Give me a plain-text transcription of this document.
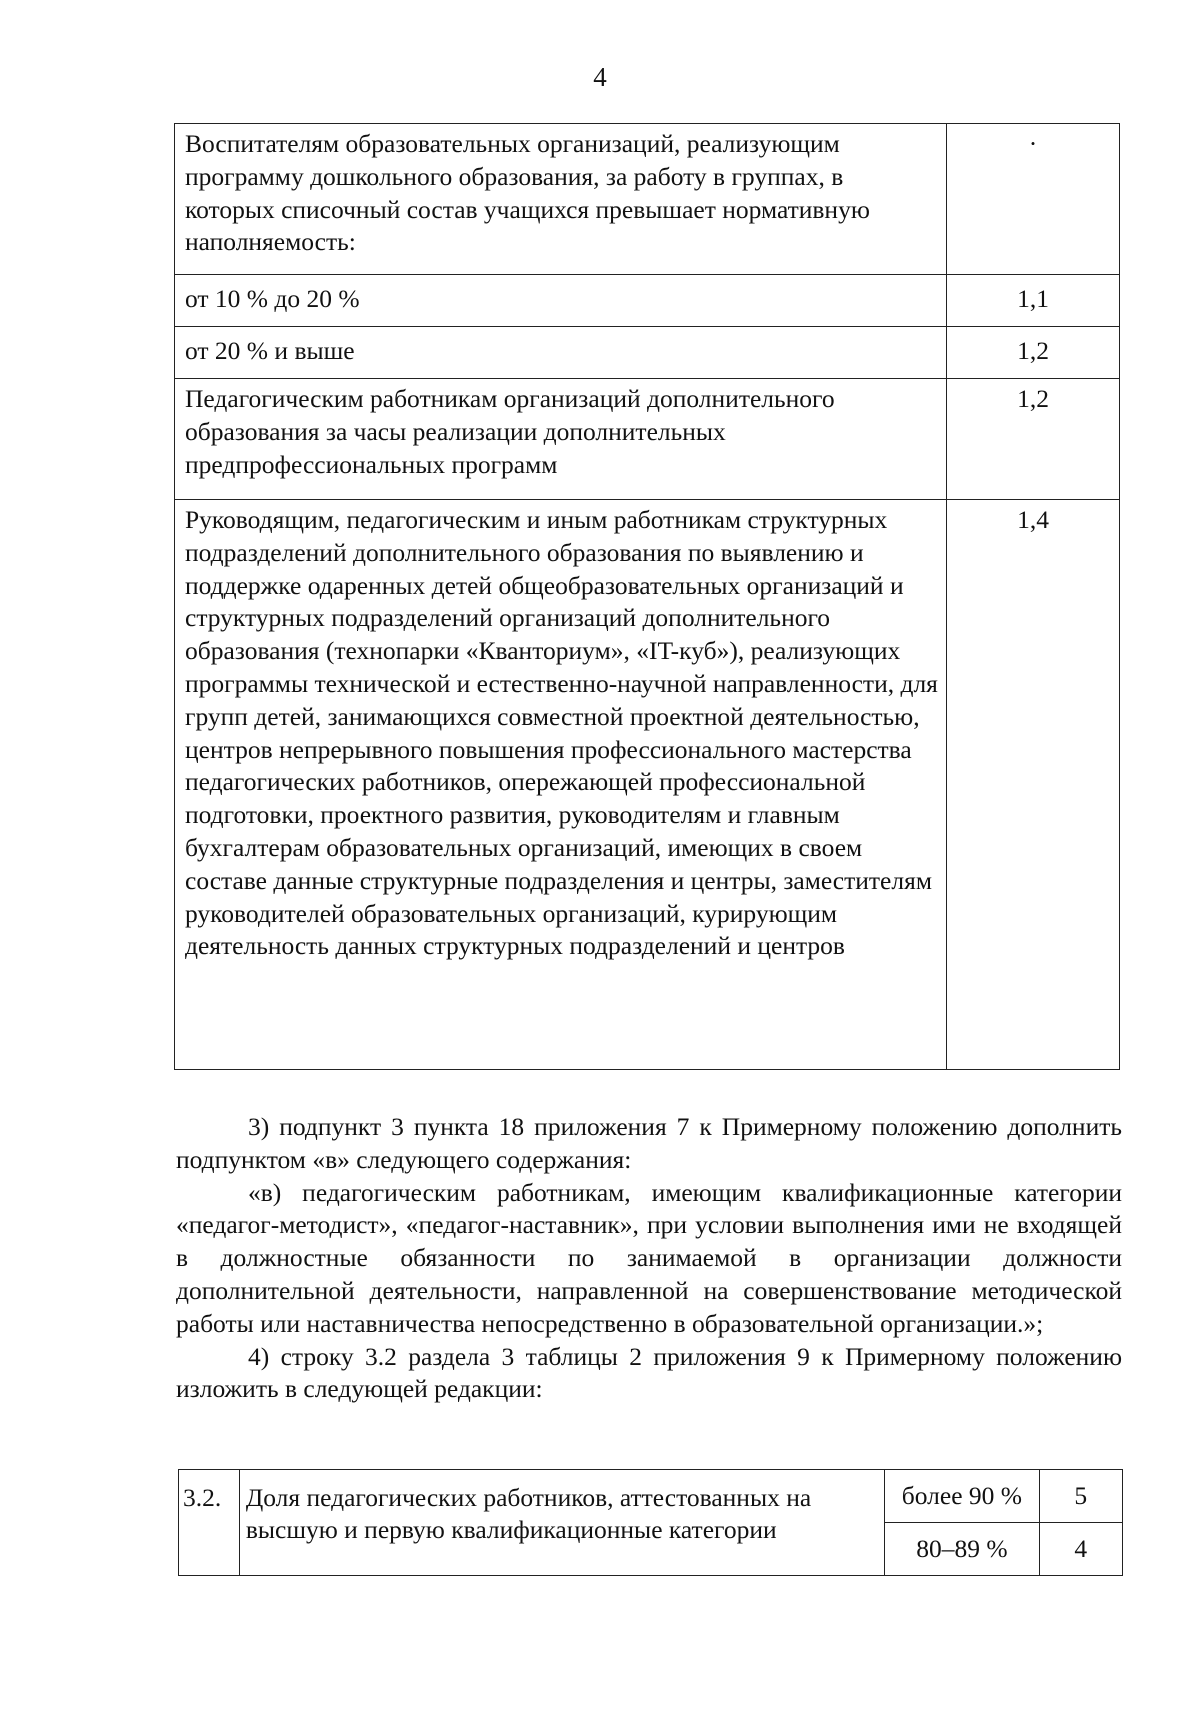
4
Воспитателям образовательных организаций, реализующим программу дошкольного образования, за работу в группах, в которых списочный состав учащихся превышает нормативную наполняемость:	·
от 10 % до 20 %	1,1
от 20 % и выше	1,2
Педагогическим работникам организаций дополнительного образования за часы реализации дополнительных предпрофессиональных программ	1,2
Руководящим, педагогическим и иным работникам структурных подразделений дополнительного образования по выявлению и поддержке одаренных детей общеобразовательных организаций и структурных подразделений организаций дополнительного образования (технопарки «Кванториум», «IT-куб»), реализующих программы технической и естественно-научной направленности, для групп детей, занимающихся совместной проектной деятельностью, центров непрерывного повышения профессионального мастерства педагогических работников, опережающей профессиональной подготовки, проектного развития, руководителям и главным бухгалтерам образовательных организаций, имеющих в своем составе данные структурные подразделения и центры, заместителям руководителей образовательных организаций, курирующим деятельность данных структурных подразделений и центров	1,4

3) подпункт 3 пункта 18 приложения 7 к Примерному положению дополнить подпунктом «в» следующего содержания:

«в) педагогическим работникам, имеющим квалификационные категории «педагог-методист», «педагог-наставник», при условии выполнения ими не входящей в должностные обязанности по занимаемой в организации должности дополнительной деятельности, направленной на совершенствование методической работы или наставничества непосредственно в образовательной организации.»;

4) строку 3.2 раздела 3 таблицы 2 приложения 9 к Примерному положению изложить в следующей редакции:

3.2.	Доля педагогических работников, аттестованных на высшую и первую квалификационные категории	более 90 %	5
		80–89 %	4
